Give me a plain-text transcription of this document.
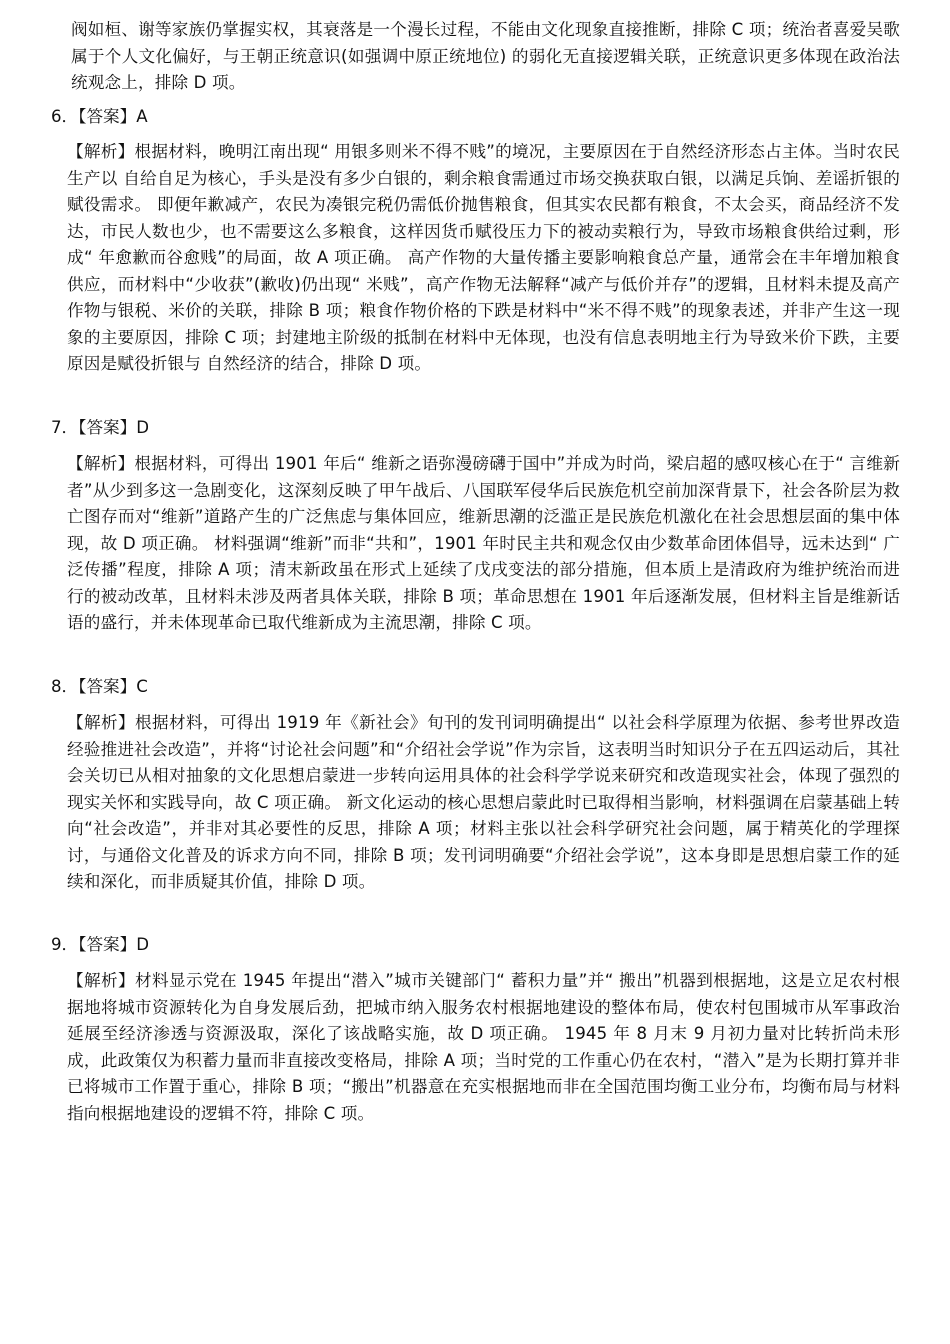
阀如桓、谢等家族仍掌握实权，其衰落是一个漫长过程，不能由文化现象直接推断，排除 C 项；统治者喜爱吴歌属于个人文化偏好，与王朝正统意识(如强调中原正统地位) 的弱化无直接逻辑关联，正统意识更多体现在政治法统观念上，排除 D 项。
6．【答案】A
【解析】根据材料，晚明江南出现“ 用银多则米不得不贱”的境况，主要原因在于自然经济形态占主体。当时农民生产以 自给自足为核心，手头是没有多少白银的，剩余粮食需通过市场交换获取白银，以满足兵饷、差谣折银的赋役需求。 即便年歉减产，农民为凑银完税仍需低价抛售粮食，但其实农民都有粮食，不太会买，商品经济不发达，市民人数也少，也不需要这么多粮食，这样因货币赋役压力下的被动卖粮行为，导致市场粮食供给过剩，形成“ 年愈歉而谷愈贱”的局面，故 A 项正确。 高产作物的大量传播主要影响粮食总产量，通常会在丰年增加粮食供应，而材料中“少收获”(歉收)仍出现“ 米贱”，高产作物无法解释“减产与低价并存”的逻辑，且材料未提及高产作物与银税、米价的关联，排除 B 项；粮食作物价格的下跌是材料中“米不得不贱”的现象表述，并非产生这一现象的主要原因，排除 C 项；封建地主阶级的抵制在材料中无体现，也没有信息表明地主行为导致米价下跌，主要原因是赋役折银与 自然经济的结合，排除 D 项。
7．【答案】D
【解析】根据材料，可得出 1901 年后“ 维新之语弥漫磅礴于国中”并成为时尚，梁启超的感叹核心在于“ 言维新者”从少到多这一急剧变化，这深刻反映了甲午战后、八国联军侵华后民族危机空前加深背景下，社会各阶层为救亡图存而对“维新”道路产生的广泛焦虑与集体回应，维新思潮的泛滥正是民族危机激化在社会思想层面的集中体现，故 D 项正确。 材料强调“维新”而非“共和”，1901 年时民主共和观念仅由少数革命团体倡导，远未达到“ 广泛传播”程度，排除 A 项；清末新政虽在形式上延续了戊戌变法的部分措施，但本质上是清政府为维护统治而进行的被动改革，且材料未涉及两者具体关联，排除 B 项；革命思想在 1901 年后逐渐发展，但材料主旨是维新话语的盛行，并未体现革命已取代维新成为主流思潮，排除 C 项。
8．【答案】C
【解析】根据材料，可得出 1919 年《新社会》旬刊的发刊词明确提出“ 以社会科学原理为依据、参考世界改造经验推进社会改造”，并将“讨论社会问题”和“介绍社会学说”作为宗旨，这表明当时知识分子在五四运动后，其社会关切已从相对抽象的文化思想启蒙进一步转向运用具体的社会科学学说来研究和改造现实社会，体现了强烈的现实关怀和实践导向，故 C 项正确。 新文化运动的核心思想启蒙此时已取得相当影响，材料强调在启蒙基础上转向“社会改造”，并非对其必要性的反思，排除 A 项；材料主张以社会科学研究社会问题，属于精英化的学理探讨，与通俗文化普及的诉求方向不同，排除 B 项；发刊词明确要“介绍社会学说”，这本身即是思想启蒙工作的延续和深化，而非质疑其价值，排除 D 项。
9．【答案】D
【解析】材料显示党在 1945 年提出“潜入”城市关键部门“ 蓄积力量”并“ 搬出”机器到根据地，这是立足农村根据地将城市资源转化为自身发展后劲，把城市纳入服务农村根据地建设的整体布局，使农村包围城市从军事政治延展至经济渗透与资源汲取，深化了该战略实施，故 D 项正确。 1945 年 8 月末 9 月初力量对比转折尚未形成，此政策仅为积蓄力量而非直接改变格局，排除 A 项；当时党的工作重心仍在农村，“潜入”是为长期打算并非已将城市工作置于重心，排除 B 项；“搬出”机器意在充实根据地而非在全国范围均衡工业分布，均衡布局与材料指向根据地建设的逻辑不符，排除 C 项。
